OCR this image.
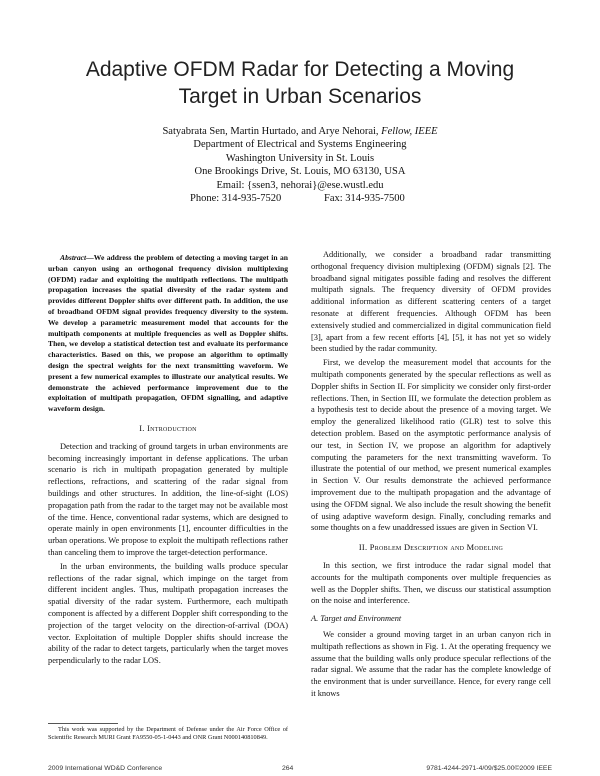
Adaptive OFDM Radar for Detecting a Moving
Target in Urban Scenarios
Satyabrata Sen, Martin Hurtado, and Arye Nehorai, Fellow, IEEE
Department of Electrical and Systems Engineering
Washington University in St. Louis
One Brookings Drive, St. Louis, MO 63130, USA
Email: {ssen3, nehorai}@ese.wustl.edu
Phone: 314-935-7520	Fax: 314-935-7500

Abstract—We address the problem of detecting a moving target in an urban canyon using an orthogonal frequency division multiplexing (OFDM) radar and exploiting the multipath reflections. The multipath propagation increases the spatial diversity of the radar system and provides different Doppler shifts over different path. In addition, the use of broadband OFDM signal provides frequency diversity to the system. We develop a parametric measurement model that accounts for the multipath components at multiple frequencies as well as Doppler shifts. Then, we develop a statistical detection test and evaluate its performance characteristics. Based on this, we propose an algorithm to optimally design the spectral weights for the next transmitting waveform. We present a few numerical examples to illustrate our analytical results. We demonstrate the achieved performance improvement due to the exploitation of multipath propagation, OFDM signalling, and adaptive waveform design.

I. Introduction

Detection and tracking of ground targets in urban environments are becoming increasingly important in defense applications. The urban scenario is rich in multipath propagation generated by multiple reflections, refractions, and scattering of the radar signal from buildings and other structures. In addition, the line-of-sight (LOS) propagation path from the radar to the target may not be available most of the time. Hence, conventional radar systems, which are designed to operate mainly in open environments [1], encounter difficulties in the urban operations. We propose to exploit the multipath reflections rather than canceling them to improve the target-detection performance.

In the urban environments, the building walls produce specular reflections of the radar signal, which impinge on the target from different incident angles. Thus, multipath propagation increases the spatial diversity of the radar system. Furthermore, each multipath component is affected by a different Doppler shift corresponding to the projection of the target velocity on the direction-of-arrival (DOA) vector. Exploitation of multiple Doppler shifts should increase the ability of the radar to detect targets, particularly when the target moves perpendicularly to the radar LOS.

Additionally, we consider a broadband radar transmitting orthogonal frequency division multiplexing (OFDM) signals [2]. The broadband signal mitigates possible fading and resolves the different multipath signals. The frequency diversity of OFDM provides additional information as different scattering centers of a target resonate at different frequencies. Although OFDM has been extensively studied and commercialized in digital communication field [3], apart from a few recent efforts [4], [5], it has not yet so widely been studied by the radar community.

First, we develop the measurement model that accounts for the multipath components generated by the specular reflections as well as Doppler shifts in Section II. For simplicity we consider only first-order reflections. Then, in Section III, we formulate the detection problem as a hypothesis test to decide about the presence of a moving target. We employ the generalized likelihood ratio (GLR) test to solve this detection problem. Based on the asymptotic performance analysis of our test, in Section IV, we propose an algorithm for adaptively computing the parameters for the next transmitting waveform. To illustrate the potential of our method, we present numerical examples in Section V. Our results demonstrate the achieved performance improvement due to the multipath propagation and the advantage of using the OFDM signal. We also include the result showing the benefit of using adaptive waveform design. Finally, concluding remarks and some thoughts on a few unaddressed issues are given in Section VI.

II. Problem Description and Modeling

In this section, we first introduce the radar signal model that accounts for the multipath components over multiple frequencies as well as the Doppler shifts. Then, we discuss our statistical assumption on the noise and interference.

A. Target and Environment

We consider a ground moving target in an urban canyon rich in multipath reflections as shown in Fig. 1. At the operating frequency we assume that the building walls only produce specular reflections of the radar signal. We assume that the radar has the complete knowledge of the environment that is under surveillance. Hence, for every range cell it knows

This work was supported by the Department of Defense under the Air Force Office of Scientific Research MURI Grant FA9550-05-1-0443 and ONR Grant N000140810849.
2009 International WD&D Conference	264	9781-4244-2971-4/09/$25.00©2009 IEEE
